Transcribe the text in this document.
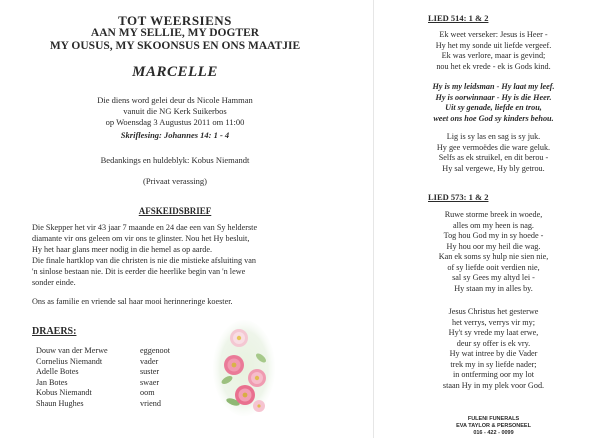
TOT WEERSIENS
AAN MY SELLIE, MY DOGTER
MY OUSUS, MY SKOONSUS EN ONS MAATJIE
MARCELLE
Die diens word gelei deur ds Nicole Hamman
vanuit die NG Kerk Suikerbos
op Woensdag 3 Augustus 2011 om 11:00
Skriflesing: Johannes 14: 1 - 4
Bedankings en huldeblyk: Kobus Niemandt
(Privaat verassing)
AFSKEIDSBRIEF
Die Skepper het vir 43 jaar 7 maande en 24 dae een van Sy helderste
diamante vir ons geleen om vir ons te glinster. Nou het Hy besluit,
Hy het haar glans meer nodig in die hemel as op aarde.
Die finale hartklop van die christen is nie die mistieke afsluiting van
'n sinlose bestaan nie. Dit is eerder die heerlike begin van 'n lewe
sonder einde.
Ons as familie en vriende sal haar mooi herinneringe koester.
DRAERS:
Douw van der Merwe	eggenoot
Cornelius Niemandt	vader
Adelle Botes	suster
Jan Botes	swaer
Kobus Niemandt	oom
Shaun Hughes	vriend
LIED 514: 1 & 2
Ek weet verseker: Jesus is Heer -
Hy het my sonde uit liefde vergeef.
Ek was verlore, maar is gevind;
nou het ek vrede - ek is Gods kind.
Hy is my leidsman - Hy laat my leef.
Hy is oorwinnaar - Hy is die Heer.
Uit sy genade, liefde en trou,
weet ons hoe God sy kinders behou.
Lig is sy las en sag is sy juk.
Hy gee vermoëdes die ware geluk.
Selfs as ek struikel, en dit berou -
Hy sal vergewe, Hy bly getrou.
LIED 573: 1 & 2
Ruwe storme breek in woede,
alles om my heen is nag.
Tog hou God my in sy hoede -
Hy hou oor my heil die wag.
Kan ek soms sy hulp nie sien nie,
of sy liefde ooit verdien nie,
sal sy Gees my altyd lei -
Hy staan my in alles by.
Jesus Christus het gesterwe
het verrys, verrys vir my;
Hy't sy vrede my laat erwe,
deur sy offer is ek vry.
Hy wat intree by die Vader
trek my in sy liefde nader;
in ontferming oor my lot
staan Hy in my plek voor God.
FULENI FUNERALS
EVA TAYLOR & PERSONEEL
016 - 422 - 0099
